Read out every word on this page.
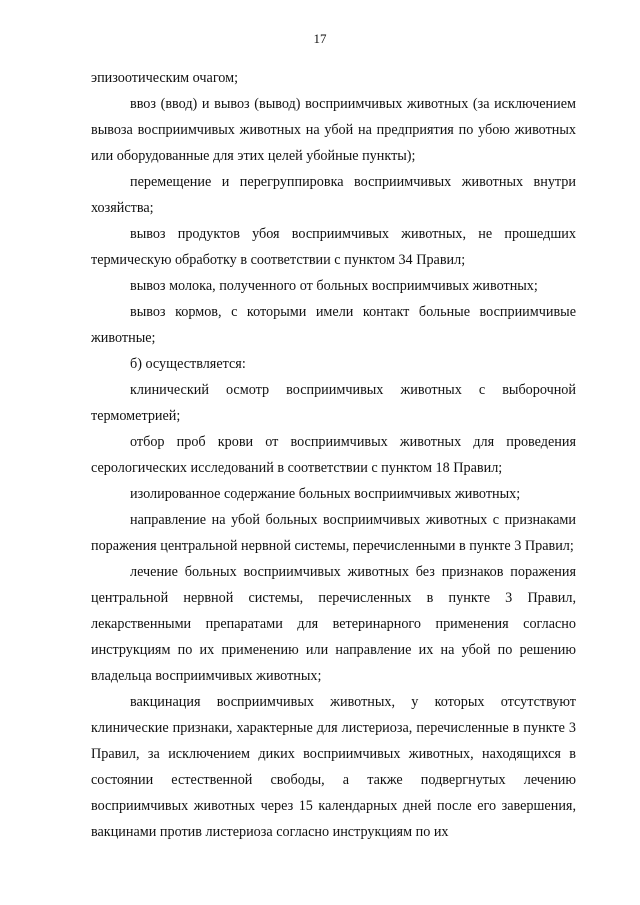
17

эпизоотическим очагом;

ввоз (ввод) и вывоз (вывод) восприимчивых животных (за исключением вывоза восприимчивых животных на убой на предприятия по убою животных или оборудованные для этих целей убойные пункты);

перемещение и перегруппировка восприимчивых животных внутри хозяйства;

вывоз продуктов убоя восприимчивых животных, не прошедших термическую обработку в соответствии с пунктом 34 Правил;

вывоз молока, полученного от больных восприимчивых животных;

вывоз кормов, с которыми имели контакт больные восприимчивые животные;

б) осуществляется:

клинический осмотр восприимчивых животных с выборочной термометрией;

отбор проб крови от восприимчивых животных для проведения серологических исследований в соответствии с пунктом 18 Правил;

изолированное содержание больных восприимчивых животных;

направление на убой больных восприимчивых животных с признаками поражения центральной нервной системы, перечисленными в пункте 3 Правил;

лечение больных восприимчивых животных без признаков поражения центральной нервной системы, перечисленных в пункте 3 Правил, лекарственными препаратами для ветеринарного применения согласно инструкциям по их применению или направление их на убой по решению владельца восприимчивых животных;

вакцинация восприимчивых животных, у которых отсутствуют клинические признаки, характерные для листериоза, перечисленные в пункте 3 Правил, за исключением диких восприимчивых животных, находящихся в состоянии естественной свободы, а также подвергнутых лечению восприимчивых животных через 15 календарных дней после его завершения, вакцинами против листериоза согласно инструкциям по их
